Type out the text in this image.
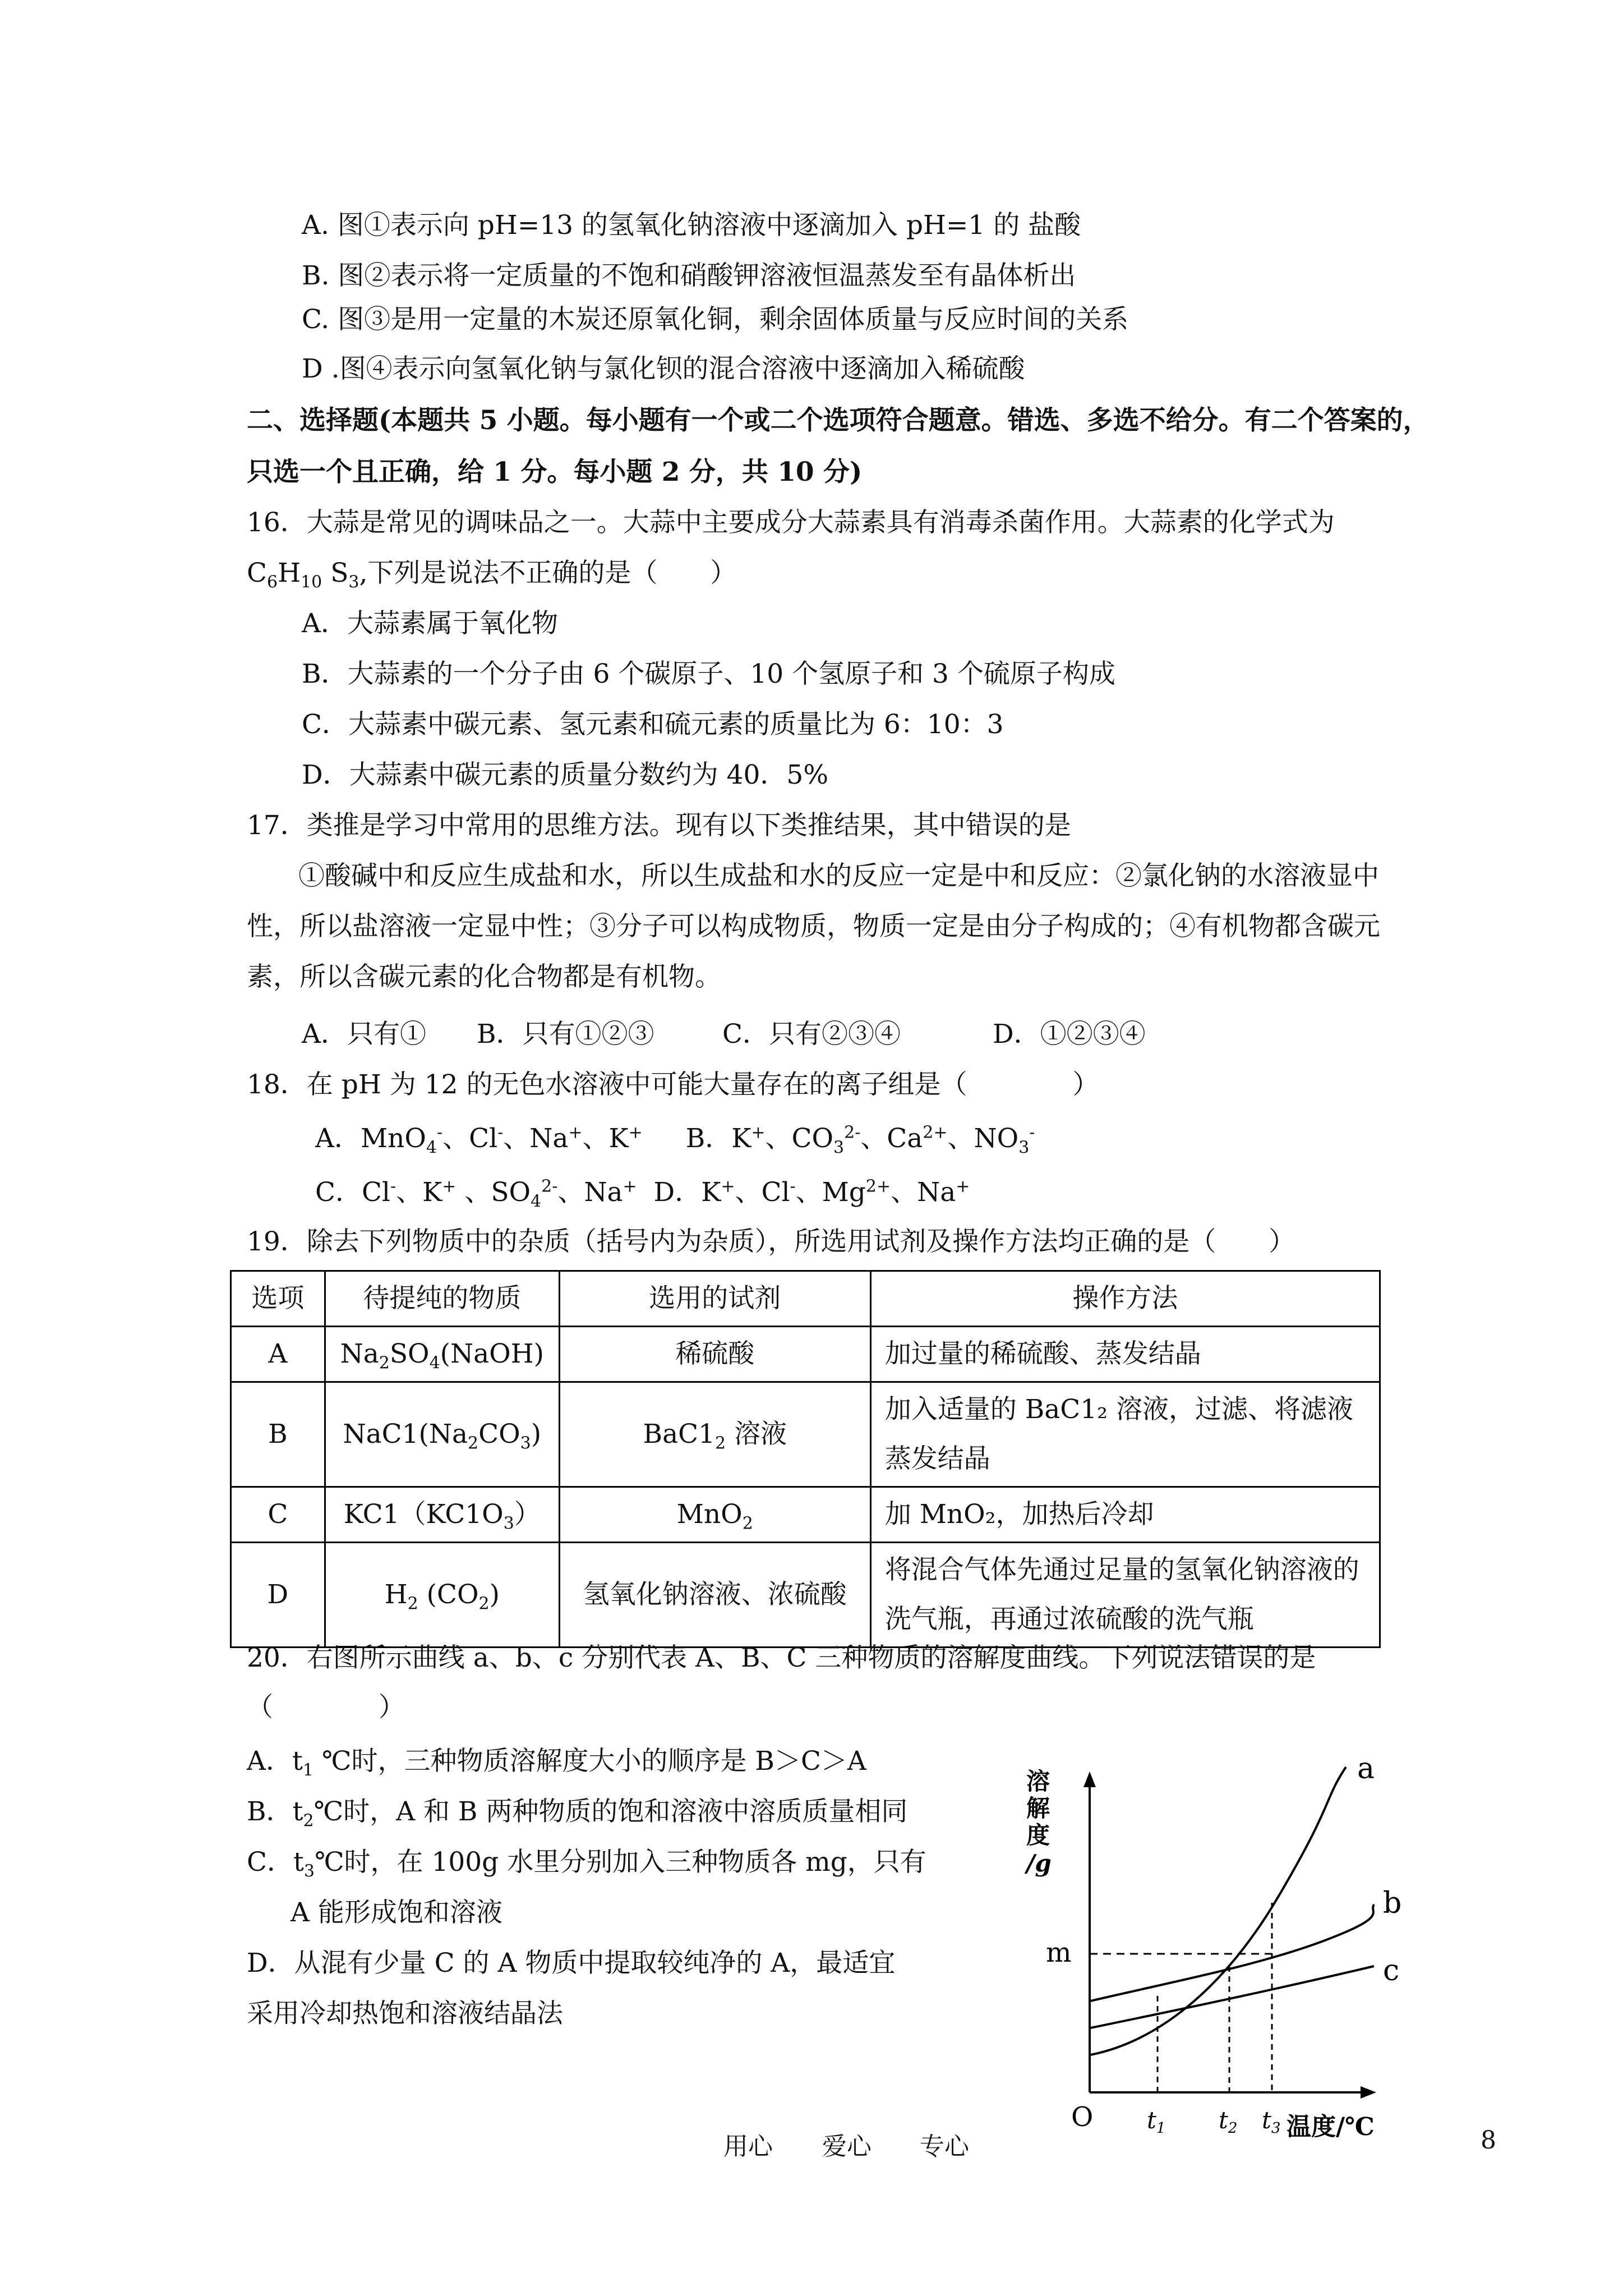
A. 图①表示向 pH=13 的氢氧化钠溶液中逐滴加入 pH=1 的 盐酸
B. 图②表示将一定质量的不饱和硝酸钾溶液恒温蒸发至有晶体析出
C. 图③是用一定量的木炭还原氧化铜，剩余固体质量与反应时间的关系
D .图④表示向氢氧化钠与氯化钡的混合溶液中逐滴加入稀硫酸
二、选择题(本题共 5 小题。每小题有一个或二个选项符合题意。错选、多选不给分。有二个答案的，
只选一个且正确，给 1 分。每小题 2 分，共 10 分)
16．大蒜是常见的调味品之一。大蒜中主要成分大蒜素具有消毒杀菌作用。大蒜素的化学式为
$C_6H_{10}$ $S_3$,下列是说法不正确的是（　　）
A．大蒜素属于氧化物
B．大蒜素的一个分子由 6 个碳原子、10 个氢原子和 3 个硫原子构成
C．大蒜素中碳元素、氢元素和硫元素的质量比为 6：10：3
D．大蒜素中碳元素的质量分数约为 40．5%
17．类推是学习中常用的思维方法。现有以下类推结果，其中错误的是
①酸碱中和反应生成盐和水，所以生成盐和水的反应一定是中和反应：②氯化钠的水溶液显中
性，所以盐溶液一定显中性；③分子可以构成物质，物质一定是由分子构成的；④有机物都含碳元
素，所以含碳元素的化合物都是有机物。
A．只有① B．只有①②③	C．只有②③④	D．①②③④
18．在 pH 为 12 的无色水溶液中可能大量存在的离子组是（　　　　）
A．MnO$_4$-、Cl-、Na+、K+　  B．K+、$CO_3^{2-}$、$Ca^{2+}$、$NO_3^-$
C．Cl-、K+ 、$SO_4^{2-}$、Na+  D．K+、Cl-、$Mg^{2+}$、Na+
19．除去下列物质中的杂质（括号内为杂质），所选用试剂及操作方法均正确的是（　　）
选项	待提纯的物质	选用的试剂	操作方法
A	$Na_2SO_4(NaOH)$	稀硫酸	加过量的稀硫酸、蒸发结晶
B	$NaC1(Na_2CO_3)$	$BaC1_2$ 溶液	加入适量的 BaC1₂ 溶液，过滤、将滤液蒸发结晶
C	$KC1(KC1O_3)$	MnO$_2$	加 MnO₂，加热后冷却
D	$H_2$ $(CO_2)$	氢氧化钠溶液、浓硫酸	将混合气体先通过足量的氢氧化钠溶液的洗气瓶，再通过浓硫酸的洗气瓶
20．右图所示曲线 a、b、c 分别代表 A、B、C 三种物质的溶解度曲线。下列说法错误的是
（　　　　）
A．$t_1$ ℃时，三种物质溶解度大小的顺序是 B＞C＞A
B．$t_2℃$时，A 和 B 两种物质的饱和溶液中溶质质量相同
C．$t_3℃$时，在 100g 水里分别加入三种物质各 mg，只有
A 能形成饱和溶液
D．从混有少量 C 的 A 物质中提取较纯净的 A，最适宜
采用冷却热饱和溶液结晶法
溶
解
度
/g
a
b
c
m
O t1 t2 t3 温度/℃
用心 爱心 专心	8
